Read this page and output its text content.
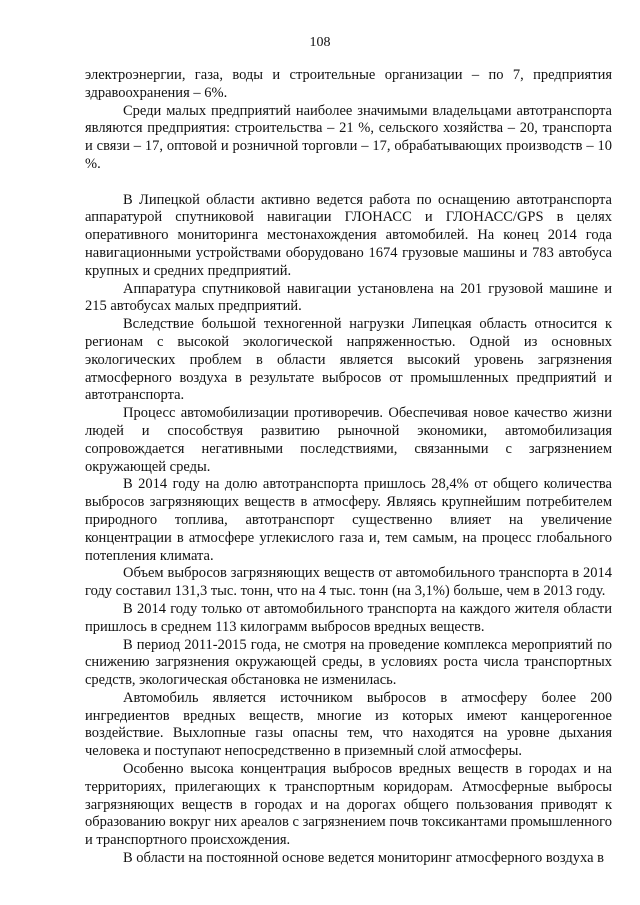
108

электроэнергии, газа, воды и строительные организации – по 7, предприятия здравоохранения – 6%.

Среди малых предприятий наиболее значимыми владельцами автотранспорта являются предприятия: строительства – 21 %, сельского хозяйства – 20, транспорта и связи – 17, оптовой и розничной торговли – 17, обрабатывающих производств – 10 %.

В Липецкой области активно ведется работа по оснащению автотранспорта аппаратурой спутниковой навигации ГЛОНАСС и ГЛОНАСС/GPS в целях оперативного мониторинга местонахождения автомобилей. На конец 2014 года навигационными устройствами оборудовано 1674 грузовые машины и 783 автобуса крупных и средних предприятий.

Аппаратура спутниковой навигации установлена на 201 грузовой машине и 215 автобусах малых предприятий.

Вследствие большой техногенной нагрузки Липецкая область относится к регионам с высокой экологической напряженностью. Одной из основных экологических проблем в области является высокий уровень загрязнения атмосферного воздуха в результате выбросов от промышленных предприятий и автотранспорта.

Процесс автомобилизации противоречив. Обеспечивая новое качество жизни людей и способствуя развитию рыночной экономики, автомобилизация сопровождается негативными последствиями, связанными с загрязнением окружающей среды.

В 2014 году на долю автотранспорта пришлось 28,4% от общего количества выбросов загрязняющих веществ в атмосферу. Являясь крупнейшим потребителем природного топлива, автотранспорт существенно влияет на увеличение концентрации в атмосфере углекислого газа и, тем самым, на процесс глобального потепления климата.

Объем выбросов загрязняющих веществ от автомобильного транспорта в 2014 году составил 131,3 тыс. тонн, что на 4 тыс. тонн (на 3,1%) больше, чем в 2013 году.

В 2014 году только от автомобильного транспорта на каждого жителя области пришлось в среднем 113 килограмм выбросов вредных веществ.

В период 2011-2015 года, не смотря на проведение комплекса мероприятий по снижению загрязнения окружающей среды, в условиях роста числа транспортных средств, экологическая обстановка не изменилась.

Автомобиль является источником выбросов в атмосферу более 200 ингредиентов вредных веществ, многие из которых имеют канцерогенное воздействие. Выхлопные газы опасны тем, что находятся на уровне дыхания человека и поступают непосредственно в приземный слой атмосферы.

Особенно высока концентрация выбросов вредных веществ в городах и на территориях, прилегающих к транспортным коридорам. Атмосферные выбросы загрязняющих веществ в городах и на дорогах общего пользования приводят к образованию вокруг них ареалов с загрязнением почв токсикантами промышленного и транспортного происхождения.

В области на постоянной основе ведется мониторинг атмосферного воздуха в
